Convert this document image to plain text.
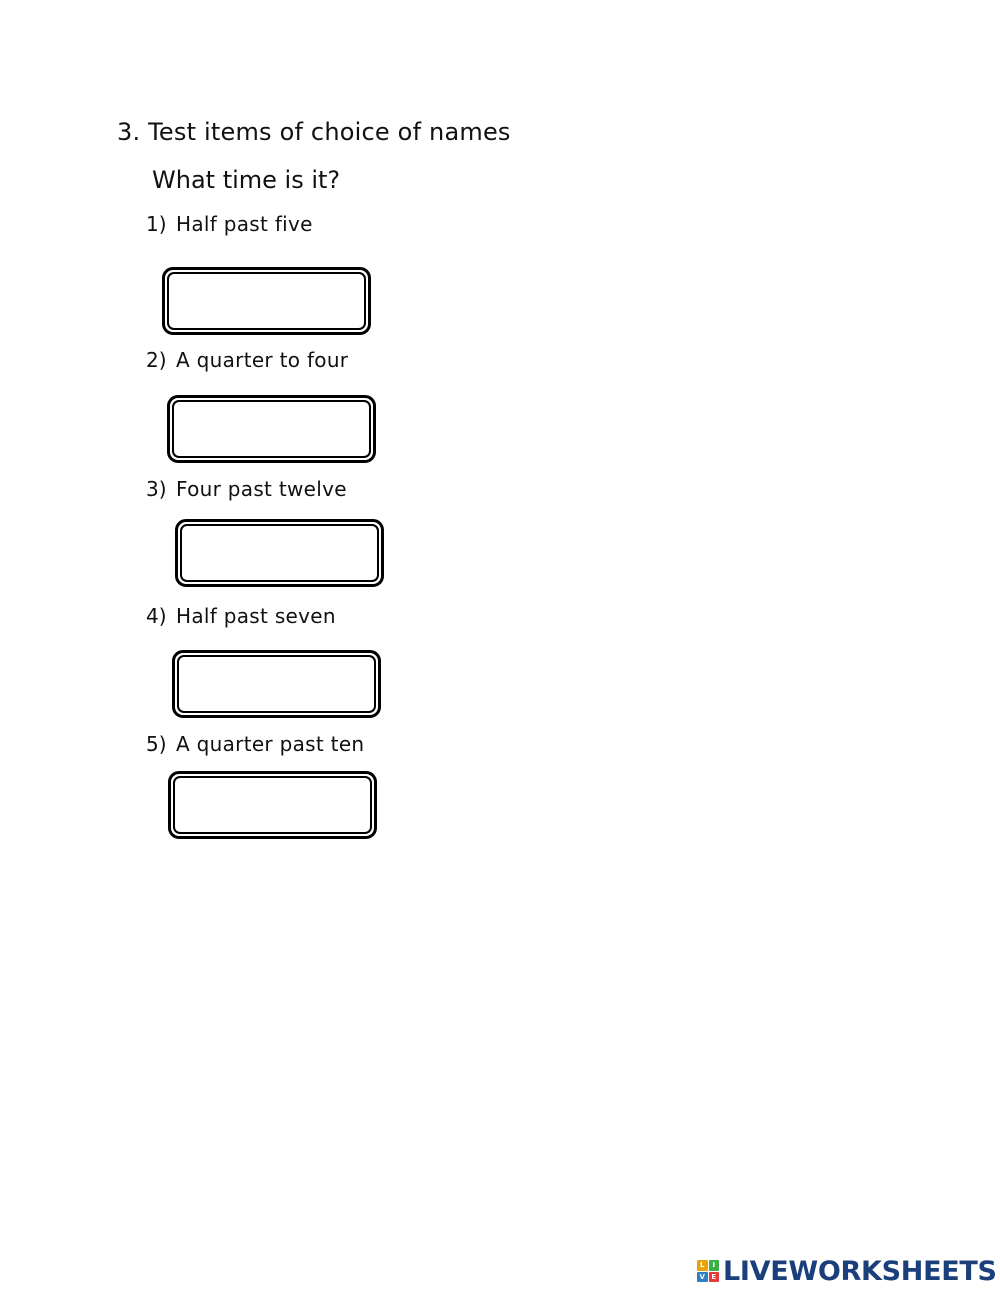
3. Test items of choice of names
What time is it?
1) Half past five
2) A quarter to four
3) Four past twelve
4) Half past seven
5) A quarter past ten
L	I
V E LIVEWORKSHEETS
